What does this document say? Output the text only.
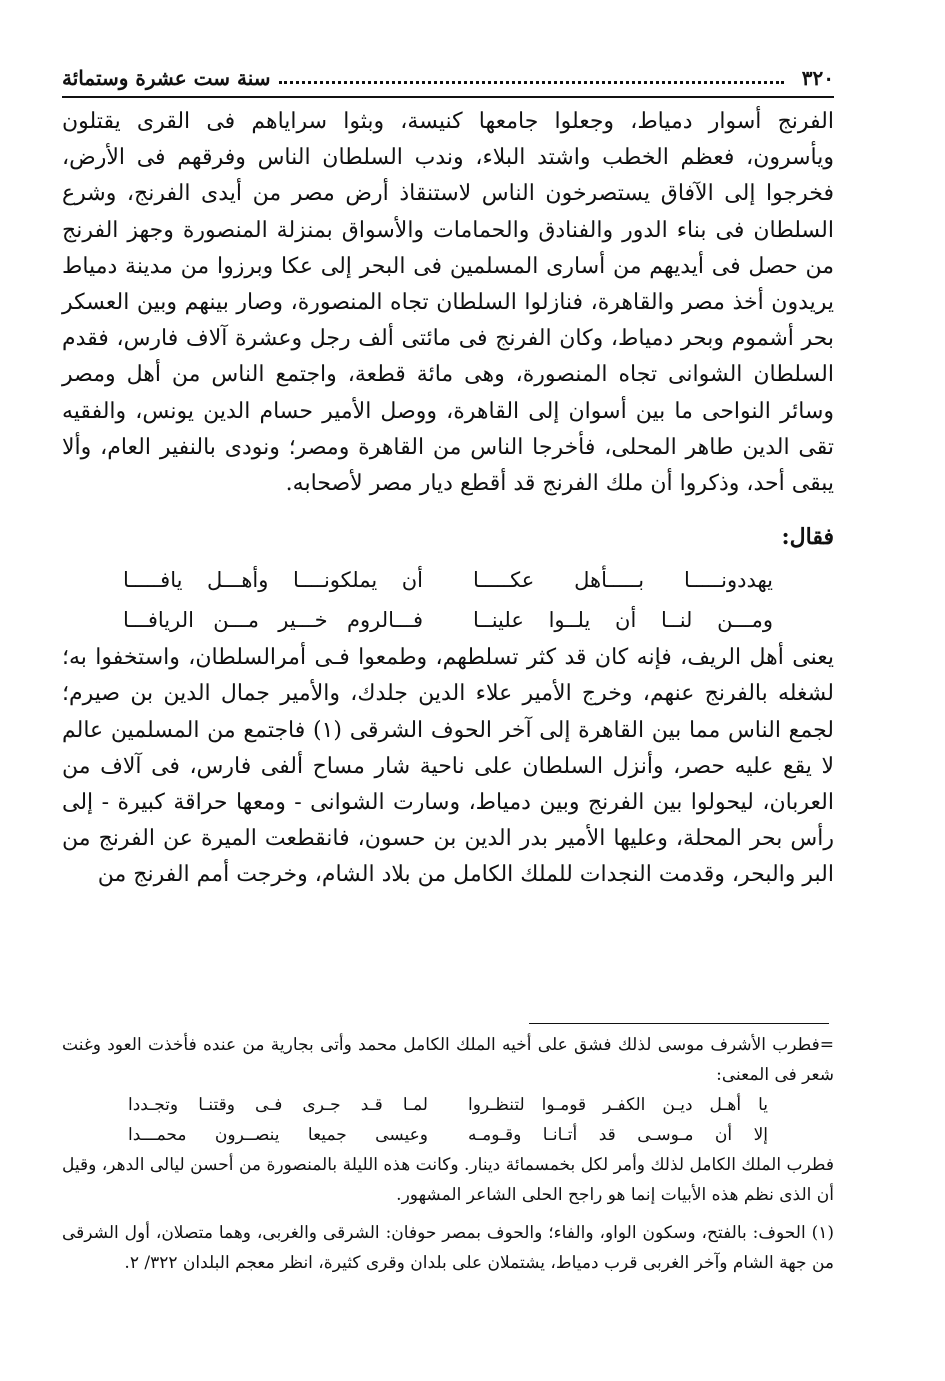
٣٢٠
سنة ست عشرة وستمائة

الفرنج أسوار دمياط، وجعلوا جامعها كنيسة، وبثوا سراياهم فى القرى يقتلون ويأسرون، فعظم الخطب واشتد البلاء، وندب السلطان الناس وفرقهم فى الأرض، فخرجوا إلى الآفاق يستصرخون الناس لاستنقاذ أرض مصر من أيدى الفرنج، وشرع السلطان فى بناء الدور والفنادق والحمامات والأسواق بمنزلة المنصورة وجهز الفرنج من حصل فى أيديهم من أسارى المسلمين فى البحر إلى عكا وبرزوا من مدينة دمياط يريدون أخذ مصر والقاهرة، فنازلوا السلطان تجاه المنصورة، وصار بينهم وبين العسكر بحر أشموم وبحر دمياط، وكان الفرنج فى مائتى ألف رجل وعشرة آلاف فارس، فقدم السلطان الشوانى تجاه المنصورة، وهى مائة قطعة، واجتمع الناس من أهل ومصر وسائر النواحى ما بين أسوان إلى القاهرة، ووصل الأمير حسام الدين يونس، والفقيه تقى الدين طاهر المحلى، فأخرجا الناس من القاهرة ومصر؛ ونودى بالنفير العام، وألا يبقى أحد، وذكروا أن ملك الفرنج قد أقطع ديار مصر لأصحابه.

فقال:
يهددونـــــا بـــــأهل عكـــــا
أن يملكونــــا وأهـــل يافـــــا
ومـــن لنــا أن يلــوا علينــا
فـــالروم خـــير مـــن الريافـــا

يعنى أهل الريف، فإنه كان قد كثر تسلطهم، وطمعوا فـى أمرالسلطان، واستخفوا به؛ لشغله بالفرنج عنهم، وخرج الأمير علاء الدين جلدك، والأمير جمال الدين بن صيرم؛ لجمع الناس مما بين القاهرة إلى آخر الحوف الشرقى (١) فاجتمع من المسلمين عالم لا يقع عليه حصر، وأنزل السلطان على ناحية شار مساح ألفى فارس، فى آلاف من العربان، ليحولوا بين الفرنج وبين دمياط، وسارت الشوانى - ومعها حراقة كبيرة - إلى رأس بحر المحلة، وعليها الأمير بدر الدين بن حسون، فانقطعت الميرة عن الفرنج من البر والبحر، وقدمت النجدات للملك الكامل من بلاد الشام، وخرجت أمم الفرنج من

=فطرب الأشرف موسى لذلك فشق على أخيه الملك الكامل محمد وأتى بجارية من عنده فأخذت العود وغنت شعر فى المعنى:

يا أهـل ديـن الكفـر قومـوا لتنظـروا
لمـا قـد جـرى فـى وقتنـا وتجـددا
إلا أن مـوسـى قد أتـانـا وقـومـه
وعيسى جميعا ينصــرون محمـــدا

فطرب الملك الكامل لذلك وأمر لكل بخمسمائة دينار. وكانت هذه الليلة بالمنصورة من أحسن ليالى الدهر، وقيل أن الذى نظم هذه الأبيات إنما هو راجح الحلى الشاعر المشهور.

(١) الحوف: بالفتح، وسكون الواو، والفاء؛ والحوف بمصر حوفان: الشرقى والغربى، وهما متصلان، أول الشرقى من جهة الشام وآخر الغربى قرب دمياط، يشتملان على بلدان وقرى كثيرة، انظر معجم البلدان ٣٢٢/ ٢.
